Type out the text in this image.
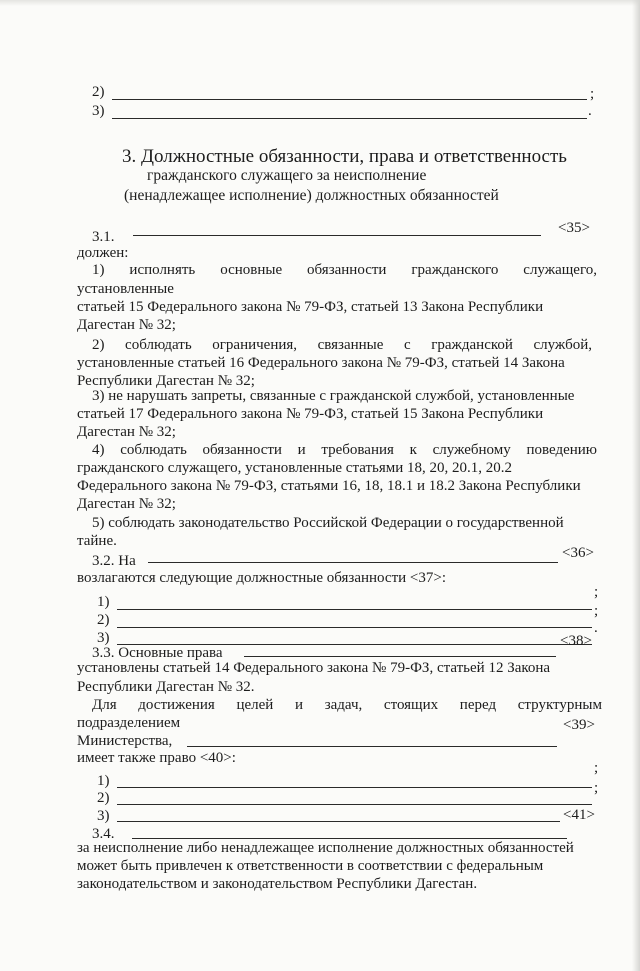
2)	;
3)	.
3. Должностные обязанности, права и ответственность
гражданского служащего за неисполнение
(ненадлежащее исполнение) должностных обязанностей
3.1.
<35>
должен:
1) исполнять основные обязанности гражданского служащего,
установленные
статьей 15 Федерального закона № 79-ФЗ, статьей 13 Закона Республики
Дагестан № 32;
2) соблюдать ограничения, связанные с гражданской службой,
установленные статьей 16 Федерального закона № 79-ФЗ, статьей 14 Закона
Республики Дагестан № 32;
3) не нарушать запреты, связанные с гражданской службой, установленные
статьей 17 Федерального закона № 79-ФЗ, статьей 15 Закона Республики
Дагестан № 32;
4) соблюдать обязанности и требования к служебному поведению
гражданского служащего, установленные статьями 18, 20, 20.1, 20.2
Федерального закона № 79-ФЗ, статьями 16, 18, 18.1 и 18.2 Закона Республики
Дагестан № 32;
5) соблюдать законодательство Российской Федерации о государственной
тайне.
3.2. На	<36>
возлагаются следующие должностные обязанности <37>:
1)
;
2)
;
3)
.
3.3. Основные права
<38>
установлены статьей 14 Федерального закона № 79-ФЗ, статьей 12 Закона
Республики Дагестан № 32.
Для достижения целей и задач, стоящих перед структурным
подразделением
Министерства,
<39>
имеет также право <40>:
1)
;
2)
;
3)	<41>
3.4.
за неисполнение либо ненадлежащее исполнение должностных обязанностей
может быть привлечен к ответственности в соответствии с федеральным
законодательством и законодательством Республики Дагестан.
